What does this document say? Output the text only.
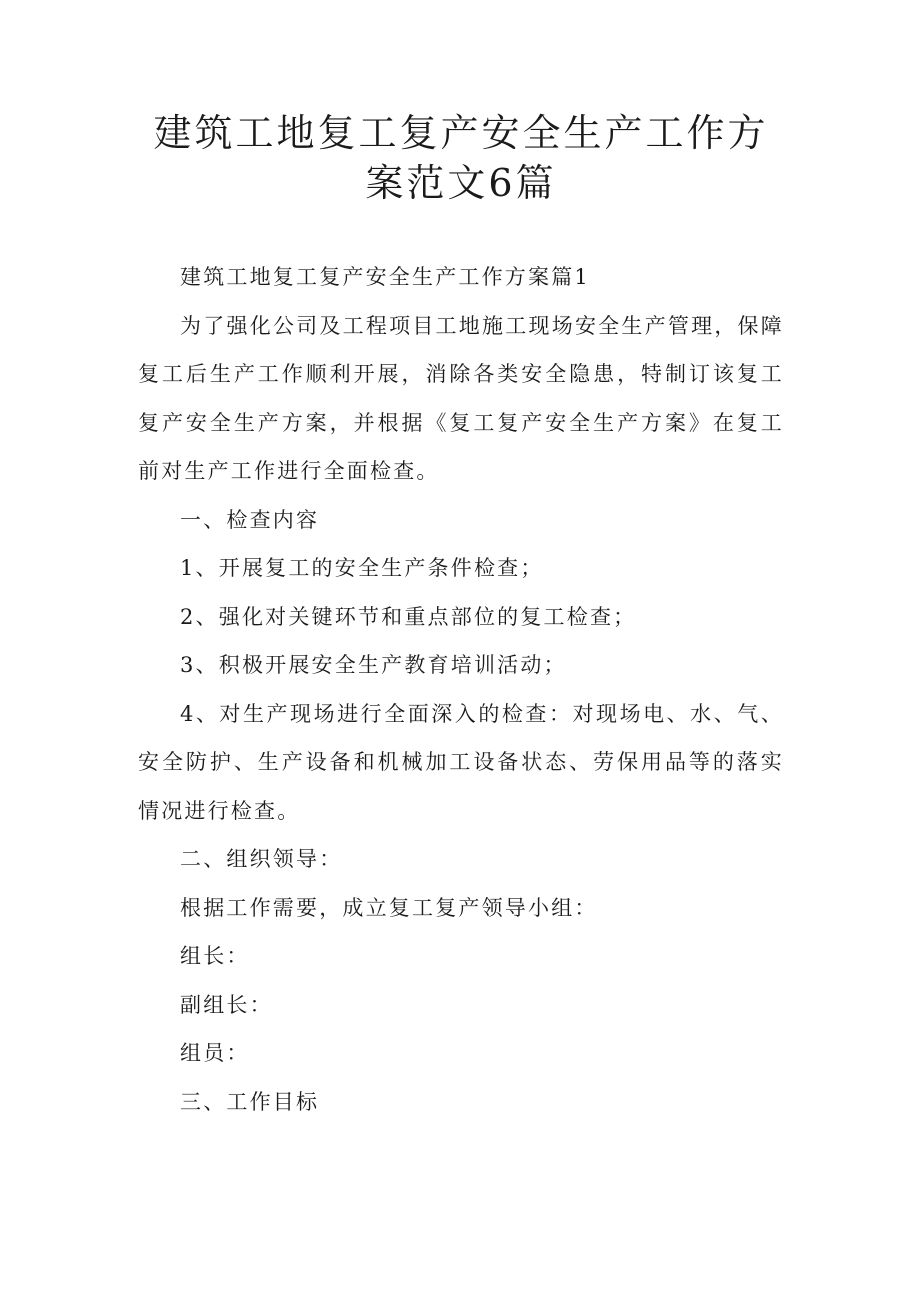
建筑工地复工复产安全生产工作方案范文6篇

建筑工地复工复产安全生产工作方案篇1

为了强化公司及工程项目工地施工现场安全生产管理，保障复工后生产工作顺利开展，消除各类安全隐患，特制订该复工复产安全生产方案，并根据《复工复产安全生产方案》在复工前对生产工作进行全面检查。

一、检查内容

1、开展复工的安全生产条件检查；

2、强化对关键环节和重点部位的复工检查；

3、积极开展安全生产教育培训活动；

4、对生产现场进行全面深入的检查：对现场电、水、气、安全防护、生产设备和机械加工设备状态、劳保用品等的落实情况进行检查。

二、组织领导：

根据工作需要，成立复工复产领导小组：

组长：

副组长：

组员：

三、工作目标
